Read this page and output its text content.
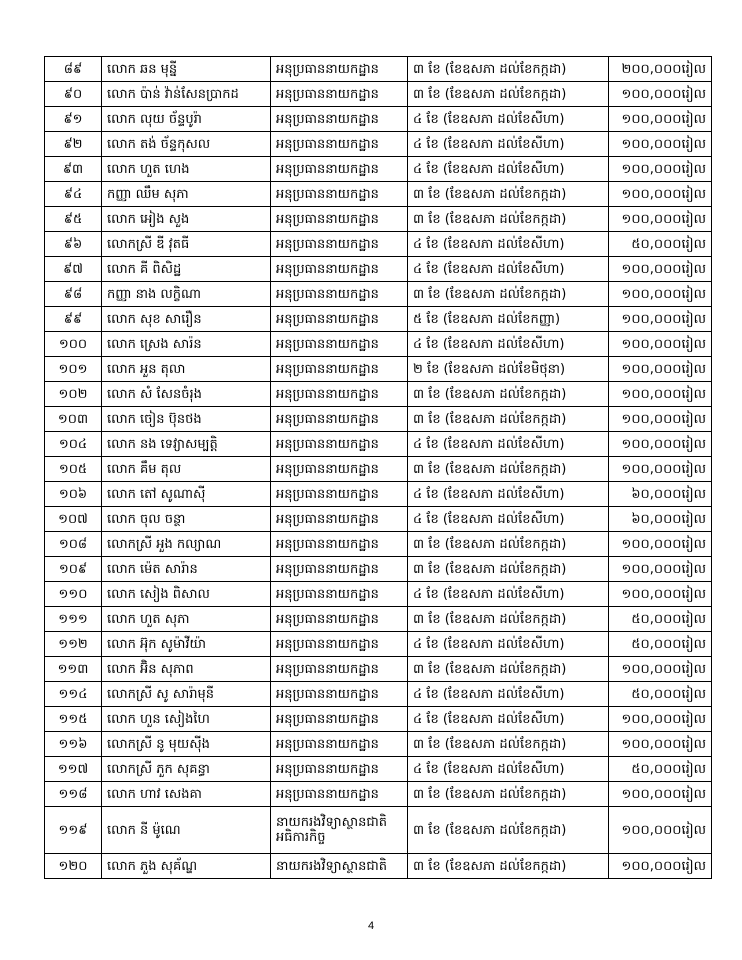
៨៩	លោក ឆន មុន្នី	អនុប្រធាននាយកដ្ឋាន	៣ ខែ (ខែឧសភា ដល់ខែកក្កដា)	២០០,០០០រៀល
៩០	លោក ប៉ាន់ វ៉ាន់សែនប្រាកដ	អនុប្រធាននាយកដ្ឋាន	៣ ខែ (ខែឧសភា ដល់ខែកក្កដា)	១០០,០០០រៀល
៩១	លោក លុយ ច័ន្ទបូរ៉ា	អនុប្រធាននាយកដ្ឋាន	៤ ខែ (ខែឧសភា ដល់ខែសីហា)	១០០,០០០រៀល
៩២	លោក តង់ ច័ន្ទកុសល	អនុប្រធាននាយកដ្ឋាន	៤ ខែ (ខែឧសភា ដល់ខែសីហា)	១០០,០០០រៀល
៩៣	លោក ហួត ហេង	អនុប្រធាននាយកដ្ឋាន	៤ ខែ (ខែឧសភា ដល់ខែសីហា)	១០០,០០០រៀល
៩៤	កញ្ញា ឈឹម សុភា	អនុប្រធាននាយកដ្ឋាន	៣ ខែ (ខែឧសភា ដល់ខែកក្កដា)	១០០,០០០រៀល
៩៥	លោក អៀង សួង	អនុប្រធាននាយកដ្ឋាន	៣ ខែ (ខែឧសភា ដល់ខែកក្កដា)	១០០,០០០រៀល
៩៦	លោកស្រី ឌី វុតធី	អនុប្រធាននាយកដ្ឋាន	៤ ខែ (ខែឧសភា ដល់ខែសីហា)	៥០,០០០រៀល
៩៧	លោក គី ពិសិដ្ឋ	អនុប្រធាននាយកដ្ឋាន	៤ ខែ (ខែឧសភា ដល់ខែសីហា)	១០០,០០០រៀល
៩៨	កញ្ញា នាង លក្ខិណា	អនុប្រធាននាយកដ្ឋាន	៣ ខែ (ខែឧសភា ដល់ខែកក្កដា)	១០០,០០០រៀល
៩៩	លោក សុខ សារឿន	អនុប្រធាននាយកដ្ឋាន	៥ ខែ (ខែឧសភា ដល់ខែកញ្ញា)	១០០,០០០រៀល
១០០	លោក ស្រេង សារ៉ន	អនុប្រធាននាយកដ្ឋាន	៤ ខែ (ខែឧសភា ដល់ខែសីហា)	១០០,០០០រៀល
១០១	លោក អួន តុលា	អនុប្រធាននាយកដ្ឋាន	២ ខែ (ខែឧសភា ដល់ខែមិថុនា)	១០០,០០០រៀល
១០២	លោក សំ សែនចំរុង	អនុប្រធាននាយកដ្ឋាន	៣ ខែ (ខែឧសភា ដល់ខែកក្កដា)	១០០,០០០រៀល
១០៣	លោក ចៀន ប៊ុនថង	អនុប្រធាននាយកដ្ឋាន	៣ ខែ (ខែឧសភា ដល់ខែកក្កដា)	១០០,០០០រៀល
១០៤	លោក នង ទេវ្យាសម្បត្តិ	អនុប្រធាននាយកដ្ឋាន	៤ ខែ (ខែឧសភា ដល់ខែសីហា)	១០០,០០០រៀល
១០៥	លោក គឹម តុល	អនុប្រធាននាយកដ្ឋាន	៣ ខែ (ខែឧសភា ដល់ខែកក្កដា)	១០០,០០០រៀល
១០៦	លោក តៅ សូណាស៊ី	អនុប្រធាននាយកដ្ឋាន	៤ ខែ (ខែឧសភា ដល់ខែសីហា)	៦០,០០០រៀល
១០៧	លោក ចុល ចន្ថា	អនុប្រធាននាយកដ្ឋាន	៤ ខែ (ខែឧសភា ដល់ខែសីហា)	៦០,០០០រៀល
១០៨	លោកស្រី អួង កល្យាណ	អនុប្រធាននាយកដ្ឋាន	៣ ខែ (ខែឧសភា ដល់ខែកក្កដា)	១០០,០០០រៀល
១០៩	លោក ម៉េត សារ៉ាន	អនុប្រធាននាយកដ្ឋាន	៣ ខែ (ខែឧសភា ដល់ខែកក្កដា)	១០០,០០០រៀល
១១០	លោក សៀង ពិសាល	អនុប្រធាននាយកដ្ឋាន	៤ ខែ (ខែឧសភា ដល់ខែសីហា)	១០០,០០០រៀល
១១១	លោក ហួត សុភា	អនុប្រធាននាយកដ្ឋាន	៣ ខែ (ខែឧសភា ដល់ខែកក្កដា)	៥០,០០០រៀល
១១២	លោក អ៊ុក សូម៉ាវីយ៉ា	អនុប្រធាននាយកដ្ឋាន	៤ ខែ (ខែឧសភា ដល់ខែសីហា)	៥០,០០០រៀល
១១៣	លោក អ៊ិន សុភាព	អនុប្រធាននាយកដ្ឋាន	៣ ខែ (ខែឧសភា ដល់ខែកក្កដា)	១០០,០០០រៀល
១១៤	លោកស្រី សូ សារ៉ាមុនី	អនុប្រធាននាយកដ្ឋាន	៤ ខែ (ខែឧសភា ដល់ខែសីហា)	៥០,០០០រៀល
១១៥	លោក ហួន សៀងហៃ	អនុប្រធាននាយកដ្ឋាន	៤ ខែ (ខែឧសភា ដល់ខែសីហា)	១០០,០០០រៀល
១១៦	លោកស្រី នូ មុយស៊ីង	អនុប្រធាននាយកដ្ឋាន	៣ ខែ (ខែឧសភា ដល់ខែកក្កដា)	១០០,០០០រៀល
១១៧	លោកស្រី ភួក សុគន្ធា	អនុប្រធាននាយកដ្ឋាន	៤ ខែ (ខែឧសភា ដល់ខែសីហា)	៥០,០០០រៀល
១១៨	លោក ហាវ សេងគា	អនុប្រធាននាយកដ្ឋាន	៣ ខែ (ខែឧសភា ដល់ខែកក្កដា)	១០០,០០០រៀល
១១៩	លោក នី ម៉ូណេ	នាយករងវិទ្យាស្ថានជាតិ អធិការកិច្ច	៣ ខែ (ខែឧសភា ដល់ខែកក្កដា)	១០០,០០០រៀល
១២០	លោក ភួង សុគ័ណ្ឌ	នាយករងវិទ្យាស្ថានជាតិ	៣ ខែ (ខែឧសភា ដល់ខែកក្កដា)	១០០,០០០រៀល
4
